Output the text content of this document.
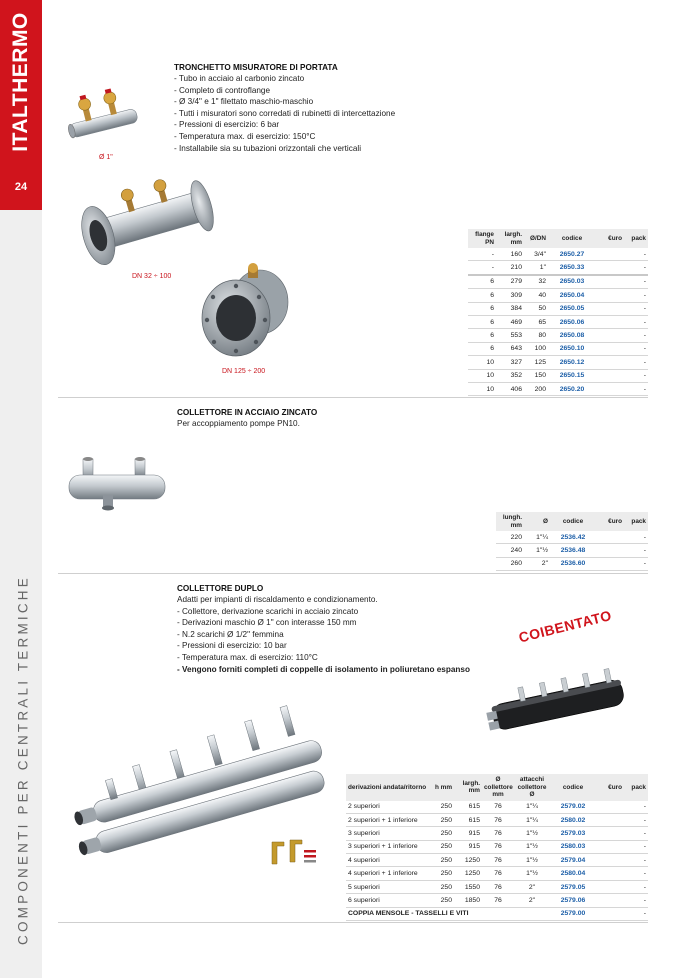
ITALTHERMO
24
COMPONENTI PER CENTRALI TERMICHE
TRONCHETTO MISURATORE DI PORTATA
- Tubo in acciaio al carbonio zincato
- Completo di controflange
- Ø 3/4" e 1" filettato maschio-maschio
- Tutti i misuratori sono corredati di rubinetti di intercettazione
- Pressioni di esercizio: 6 bar
- Temperatura max. di esercizio: 150°C
- Installabile sia su tubazioni orizzontali che verticali
Ø 1"
DN 32 ÷ 100
DN 125 ÷ 200
flange PN	largh. mm	Ø/DN	codice	€uro	pack
-	160	3/4"	2650.27		-
-	210	1"	2650.33		-
6	279	32	2650.03		-
6	309	40	2650.04		-
6	384	50	2650.05		-
6	469	65	2650.06		-
6	553	80	2650.08		-
6	643	100	2650.10		-
10	327	125	2650.12		-
10	352	150	2650.15		-
10	406	200	2650.20		-
COLLETTORE IN ACCIAIO ZINCATO
Per accoppiamento pompe PN10.
lungh. mm	Ø	codice	€uro	pack
220	1"¼	2536.42		-
240	1"½	2536.48		-
260	2"	2536.60		-
COLLETTORE DUPLO
Adatti per impianti di riscaldamento e condizionamento.
- Collettore, derivazione scarichi in acciaio zincato
- Derivazioni maschio Ø 1" con interasse 150 mm
- N.2 scarichi Ø 1/2" femmina
- Pressioni di esercizio: 10 bar
- Temperatura max. di esercizio: 110°C
- Vengono forniti completi di coppelle di isolamento in poliuretano espanso
COIBENTATO
derivazioni andata/ritorno	h mm	largh. mm	Ø collettore mm	attacchi collettore Ø	codice	€uro	pack
2 superiori	250	615	76	1"¼	2579.02		-
2 superiori + 1 inferiore	250	615	76	1"¼	2580.02		-
3 superiori	250	915	76	1"½	2579.03		-
3 superiori + 1 inferiore	250	915	76	1"½	2580.03		-
4 superiori	250	1250	76	1"½	2579.04		-
4 superiori + 1 inferiore	250	1250	76	1"½	2580.04		-
5 superiori	250	1550	76	2"	2579.05		-
6 superiori	250	1850	76	2"	2579.06		-
COPPIA MENSOLE - TASSELLI E VITI					2579.00		-
